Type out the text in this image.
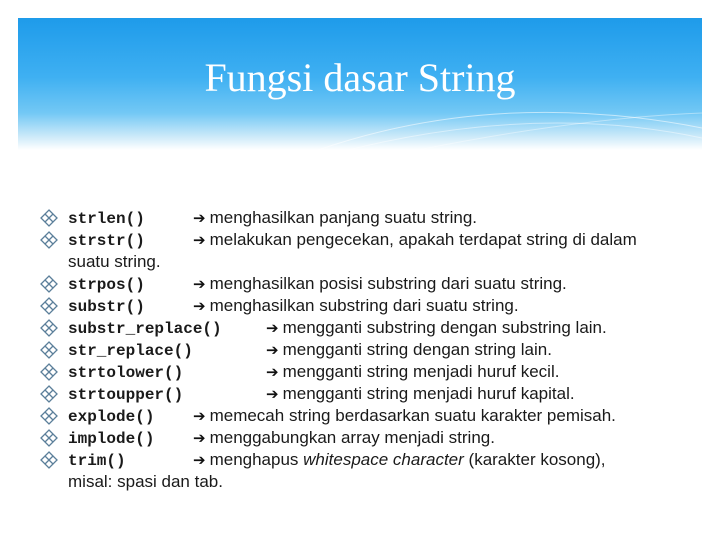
Fungsi dasar String
strlen()	➔ menghasilkan panjang suatu string.
strstr()	➔ melakukan pengecekan, apakah terdapat string di dalam
suatu string.
strpos()	➔ menghasilkan posisi substring dari suatu string.
substr()	➔ menghasilkan substring dari suatu string.
substr_replace()	➔ mengganti substring dengan substring lain.
str_replace()	➔ mengganti string dengan string lain.
strtolower()	➔ mengganti string menjadi huruf kecil.
strtoupper()	➔ mengganti string menjadi huruf kapital.
explode()	➔ memecah string berdasarkan suatu karakter pemisah.
implode()	➔ menggabungkan array menjadi string.
trim()	➔ menghapus whitespace character (karakter kosong),
misal: spasi dan tab.
